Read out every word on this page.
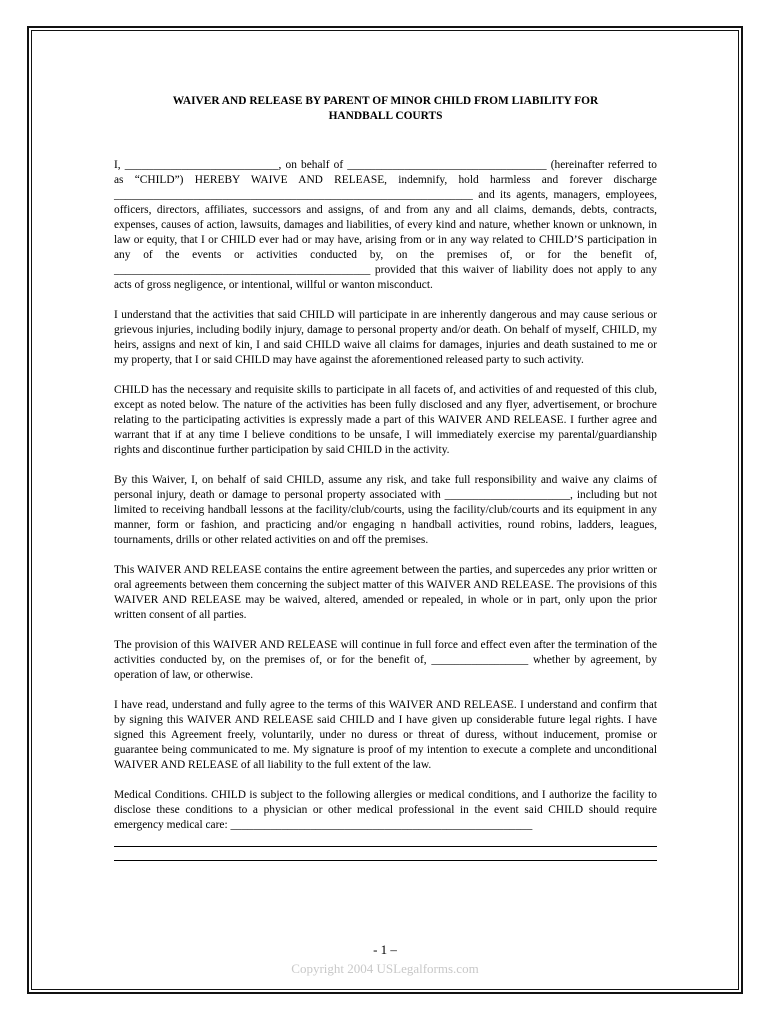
WAIVER AND RELEASE BY PARENT OF MINOR CHILD FROM LIABILITY FOR
HANDBALL COURTS

I, ___________________________, on behalf of ___________________________________ (hereinafter referred to as “CHILD”) HEREBY WAIVE AND RELEASE, indemnify, hold harmless and forever discharge _______________________________________________________________ and its agents, managers, employees, officers, directors, affiliates, successors and assigns, of and from any and all claims, demands, debts, contracts, expenses, causes of action, lawsuits, damages and liabilities, of every kind and nature, whether known or unknown, in law or equity, that I or CHILD ever had or may have, arising from or in any way related to CHILD’S participation in any of the events or activities conducted by, on the premises of, or for the benefit of, _____________________________________________ provided that this waiver of liability does not apply to any acts of gross negligence, or intentional, willful or wanton misconduct.

I understand that the activities that said CHILD will participate in are inherently dangerous and may cause serious or grievous injuries, including bodily injury, damage to personal property and/or death. On behalf of myself, CHILD, my heirs, assigns and next of kin, I and said CHILD waive all claims for damages, injuries and death sustained to me or my property, that I or said CHILD may have against the aforementioned released party to such activity.

CHILD has the necessary and requisite skills to participate in all facets of, and activities of and requested of this club, except as noted below. The nature of the activities has been fully disclosed and any flyer, advertisement, or brochure relating to the participating activities is expressly made a part of this WAIVER AND RELEASE. I further agree and warrant that if at any time I believe conditions to be unsafe, I will immediately exercise my parental/guardianship rights and discontinue further participation by said CHILD in the activity.

By this Waiver, I, on behalf of said CHILD, assume any risk, and take full responsibility and waive any claims of personal injury, death or damage to personal property associated with ______________________, including but not limited to receiving handball lessons at the facility/club/courts, using the facility/club/courts and its equipment in any manner, form or fashion, and practicing and/or engaging n handball activities, round robins, ladders, leagues, tournaments, drills or other related activities on and off the premises.

This WAIVER AND RELEASE contains the entire agreement between the parties, and supercedes any prior written or oral agreements between them concerning the subject matter of this WAIVER AND RELEASE. The provisions of this WAIVER AND RELEASE may be waived, altered, amended or repealed, in whole or in part, only upon the prior written consent of all parties.

The provision of this WAIVER AND RELEASE will continue in full force and effect even after the termination of the activities conducted by, on the premises of, or for the benefit of, _________________ whether by agreement, by operation of law, or otherwise.

I have read, understand and fully agree to the terms of this WAIVER AND RELEASE. I understand and confirm that by signing this WAIVER AND RELEASE said CHILD and I have given up considerable future legal rights. I have signed this Agreement freely, voluntarily, under no duress or threat of duress, without inducement, promise or guarantee being communicated to me. My signature is proof of my intention to execute a complete and unconditional WAIVER AND RELEASE of all liability to the full extent of the law.

Medical Conditions. CHILD is subject to the following allergies or medical conditions, and I authorize the facility to disclose these conditions to a physician or other medical professional in the event said CHILD should require emergency medical care: _____________________________________________________

- 1 –
Copyright 2004 USLegalforms.com
